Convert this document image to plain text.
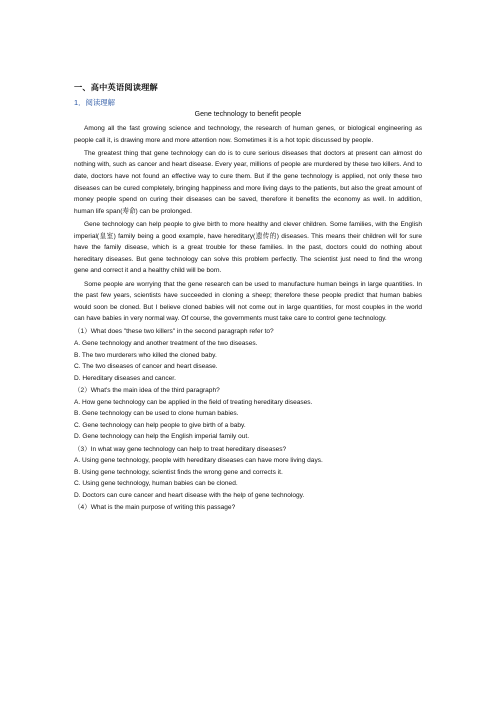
一、高中英语阅读理解
1．阅读理解
Gene technology to benefit people

Among all the fast growing science and technology, the research of human genes, or biological engineering as people call it, is drawing more and more attention now. Sometimes it is a hot topic discussed by people.

The greatest thing that gene technology can do is to cure serious diseases that doctors at present can almost do nothing with, such as cancer and heart disease. Every year, millions of people are murdered by these two killers. And to date, doctors have not found an effective way to cure them. But if the gene technology is applied, not only these two diseases can be cured completely, bringing happiness and more living days to the patients, but also the great amount of money people spend on curing their diseases can be saved, therefore it benefits the economy as well. In addition, human life span(寿命) can be prolonged.

Gene technology can help people to give birth to more healthy and clever children. Some families, with the English imperial(皇室) family being a good example, have hereditary(遗传的) diseases. This means their children will for sure have the family disease, which is a great trouble for these families. In the past, doctors could do nothing about hereditary diseases. But gene technology can solve this problem perfectly. The scientist just need to find the wrong gene and correct it and a healthy child will be born.

Some people are worrying that the gene research can be used to manufacture human beings in large quantities. In the past few years, scientists have succeeded in cloning a sheep; therefore these people predict that human babies would soon be cloned. But I believe cloned babies will not come out in large quantities, for most couples in the world can have babies in very normal way. Of course, the governments must take care to control gene technology.

（1）What does "these two killers" in the second paragraph refer to?

A. Gene technology and another treatment of the two diseases.

B. The two murderers who killed the cloned baby.

C. The two diseases of cancer and heart disease.

D. Hereditary diseases and cancer.

（2）What's the main idea of the third paragraph?

A. How gene technology can be applied in the field of treating hereditary diseases.

B. Gene technology can be used to clone human babies.

C. Gene technology can help people to give birth of a baby.

D. Gene technology can help the English imperial family out.

（3）In what way gene technology can help to treat hereditary diseases?

A. Using gene technology, people with hereditary diseases can have more living days.

B. Using gene technology, scientist finds the wrong gene and corrects it.

C. Using gene technology, human babies can be cloned.

D. Doctors can cure cancer and heart disease with the help of gene technology.

（4）What is the main purpose of writing this passage?
